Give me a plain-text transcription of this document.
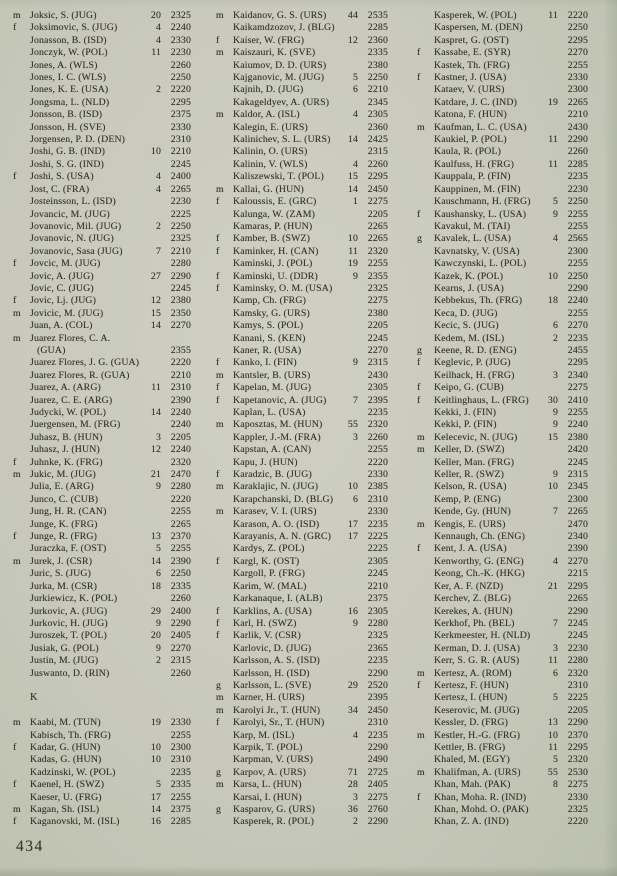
m Joksic, S. (JUG)	20 2325
f	Joksimovic, S. (JUG)	4 2240
Jonasson, B. (ISD)	4 2330
Jonczyk, W. (POL)	11 2230
Jones, A. (WLS)	2260
Jones, I. C. (WLS)	2250
Jones, K. E. (USA)	2 2220
Jongsma, L. (NLD)	2295
Jonsson, B. (ISD)	2375
Jonsson, H. (SVE)	2330
Jorgensen, P. D. (DEN)	2310
Joshi, G. B. (IND)	10 2210
Joshi, S. G. (IND)	2245
f	Joshi, S. (USA)	4 2400
Jost, C. (FRA)	4 2265
Josteinsson, L. (ISD)	2230
Jovancic, M. (JUG)	2225
Jovanovic, Mil. (JUG)	2 2250
Jovanovic, N. (JUG)	2325
Jovanovic, Sasa (JUG)	7 2210
f	Jovcic, M. (JUG)	2280
Jovic, A. (JUG)	27 2290
Jovic, C. (JUG)	2245
f	Jovic, Lj. (JUG)	12 2380
m Jovicic, M. (JUG)	15 2350
Juan, A. (COL)	14 2270
m Juarez Flores, C. A.
(GUA)	2355
Juarez Flores, J. G. (GUA)	2220
Juarez Flores, R. (GUA)	2210
Juarez, A. (ARG)	11 2310
Juarez, C. E. (ARG)	2390
Judycki, W. (POL)	14 2240
Juergensen, M. (FRG)	2240
Juhasz, B. (HUN)	3 2205
Juhasz, J. (HUN)	12 2240
f	Juhnke, K. (FRG)	2320
m Jukic, M. (JUG)	21 2470
Julia, E. (ARG)	9 2280
Junco, C. (CUB)	2220
Jung, H. R. (CAN)	2255
Junge, K. (FRG)	2265
f	Junge, R. (FRG)	13 2370
Juraczka, F. (OST)	5 2255
m Jurek, J. (CSR)	14 2390
Juric, S. (JUG)	6 2250
Jurka, M. (CSR)	18 2335
Jurkiewicz, K. (POL)	2260
Jurkovic, A. (JUG)	29 2400
Jurkovic, H. (JUG)	9 2290
Juroszek, T. (POL)	20 2405
Jusiak, G. (POL)	9 2270
Justin, M. (JUG)	2 2315
Juswanto, D. (RIN)	2260
K
m Kaabi, M. (TUN)	19 2330
Kabisch, Th. (FRG)	2255
f	Kadar, G. (HUN)	10 2300
Kadas, G. (HUN)	10 2310
Kadzinski, W. (POL)	2235
f	Kaenel, H. (SWZ)	5 2335
Kaeser, U. (FRG)	17 2255
m Kagan, Sh. (ISL)	14 2375
f	Kaganovski, M. (ISL)	16 2285
m Kaidanov, G. S. (URS)	44 2535
Kaikamdzozov, J. (BLG)	2285
f	Kaiser, W. (FRG)	12 2360
m Kaiszauri, K. (SVE)	2335
Kaiumov, D. D. (URS)	2380
Kajganovic, M. (JUG)	5 2250
Kajnih, D. (JUG)	6 2210
Kakageldyev, A. (URS)	2345
m Kaldor, A. (ISL)	4 2305
Kalegin, E. (URS)	2360
Kalinichev, S. L. (URS)	14 2425
Kalinin, O. (URS)	2315
Kalinin, V. (WLS)	4 2260
Kaliszewski, T. (POL)	15 2295
m Kallai, G. (HUN)	14 2450
f	Kaloussis, E. (GRC)	1 2275
Kalunga, W. (ZAM)	2205
Kamaras, P. (HUN)	2265
f	Kamber, B. (SWZ)	10 2265
f	Kaminker, H. (CAN)	11 2320
Kaminski, J. (POL)	19 2255
f	Kaminski, U. (DDR)	9 2355
f	Kaminsky, O. M. (USA)	2325
Kamp, Ch. (FRG)	2275
Kamsky, G. (URS)	2380
Kamys, S. (POL)	2205
Kanani, S. (KEN)	2245
Kaner, R. (USA)	2270
f	Kanko, I. (FIN)	9 2315
m Kantsler, B. (URS)	2430
f	Kapelan, M. (JUG)	2305
f	Kapetanovic, A. (JUG)	7 2395
Kaplan, L. (USA)	2235
m Kaposztas, M. (HUN)	55 2320
Kappler, J.-M. (FRA)	3 2260
Kapstan, A. (CAN)	2255
Kapu, J. (HUN)	2220
f	Karadzic, B. (JUG)	2330
m Karaklajic, N. (JUG)	10 2385
Karapchanski, D. (BLG)	6 2310
m Karasev, V. I. (URS)	2330
Karason, A. O. (ISD)	17 2235
Karayanis, A. N. (GRC)	17 2225
Kardys, Z. (POL)	2225
f	Kargl, K. (OST)	2305
Kargoll, P. (FRG)	2245
Karim, W. (MAL)	2210
Karkanaque, I. (ALB)	2375
f	Karklins, A. (USA)	16 2305
f	Karl, H. (SWZ)	9 2280
f	Karlik, V. (CSR)	2325
Karlovic, D. (JUG)	2365
Karlsson, A. S. (ISD)	2235
Karlsson, H. (ISD)	2290
g	Karlsson, L. (SVE)	29 2520
m Karner, H. (URS)	2395
m Karolyi Jr., T. (HUN)	34 2450
f	Karolyi, Sr., T. (HUN)	2310
Karp, M. (ISL)	4 2235
Karpik, T. (POL)	2290
Karpman, V. (URS)	2490
g	Karpov, A. (URS)	71 2725
m Karsa, L. (HUN)	28 2405
Karsai, I. (HUN)	3 2275
g	Kasparov, G. (URS)	36 2760
Kasperek, R. (POL)	2 2290
Kasperek, W. (POL)	11 2220
Kaspersen, M. (DEN)	2250
Kaspret, G. (OST)	2295
f	Kassabe, E. (SYR)	2270
Kastek, Th. (FRG)	2255
f	Kastner, J. (USA)	2330
Kataev, V. (URS)	2300
Katdare, J. C. (IND)	19 2265
Katona, F. (HUN)	2210
m Kaufman, L. C. (USA)	2430
Kaukiel, P. (POL)	11 2290
Kaula, R. (POL)	2260
Kaulfuss, H. (FRG)	11 2285
Kauppala, P. (FIN)	2235
Kauppinen, M. (FIN)	2230
Kauschmann, H. (FRG)	5 2250
f	Kaushansky, L. (USA)	9 2255
Kavakul, M. (TAI)	2255
g	Kavalek, L. (USA)	4 2565
Kavnatsky, V. (USA)	2300
Kawczynski, L. (POL)	2255
Kazek, K. (POL)	10 2250
Kearns, J. (USA)	2290
Kebbekus, Th. (FRG)	18 2240
Keca, D. (JUG)	2255
Kecic, S. (JUG)	6 2270
Kedem, M. (ISL)	2 2235
g	Keene, R. D. (ENG)	2455
f	Keglevic, P. (JUG)	2295
Keilhack, H. (FRG)	3 2340
f	Keipo, G. (CUB)	2275
f	Keitlinghaus, L. (FRG)	30 2410
Kekki, J. (FIN)	9 2255
Kekki, P. (FIN)	9 2240
m Kelecevic, N. (JUG)	15 2380
m Keller, D. (SWZ)	2420
Keller, Man. (FRG)	2245
Keller, R. (SWZ)	9 2315
Kelson, R. (USA)	10 2345
Kemp, P. (ENG)	2300
Kende, Gy. (HUN)	7 2265
m Kengis, E. (URS)	2470
Kennaugh, Ch. (ENG)	2340
f	Kent, J. A. (USA)	2390
Kenworthy, G. (ENG)	4 2270
Keong, Ch.-K. (HKG)	2215
Ker, A. F. (NZD)	21 2295
Kerchev, Z. (BLG)	2265
Kerekes, A. (HUN)	2290
Kerkhof, Ph. (BEL)	7 2245
Kerkmeester, H. (NLD)	2245
Kerman, D. J. (USA)	3 2230
Kerr, S. G. R. (AUS)	11 2280
m Kertesz, A. (ROM)	6 2320
f	Kertesz, F. (HUN)	2310
Kertesz, I. (HUN)	5 2225
Keserovic, M. (JUG)	2205
Kessler, D. (FRG)	13 2290
m Kestler, H.-G. (FRG)	10 2370
Kettler, B. (FRG)	11 2295
Khaled, M. (EGY)	5 2320
m Khalifman, A. (URS)	55 2530
Khan, Mah. (PAK)	8 2275
f	Khan, Moha. R. (IND)	2330
Khan, Mohd. O. (PAK)	2325
Khan, Z. A. (IND)	2220
434
